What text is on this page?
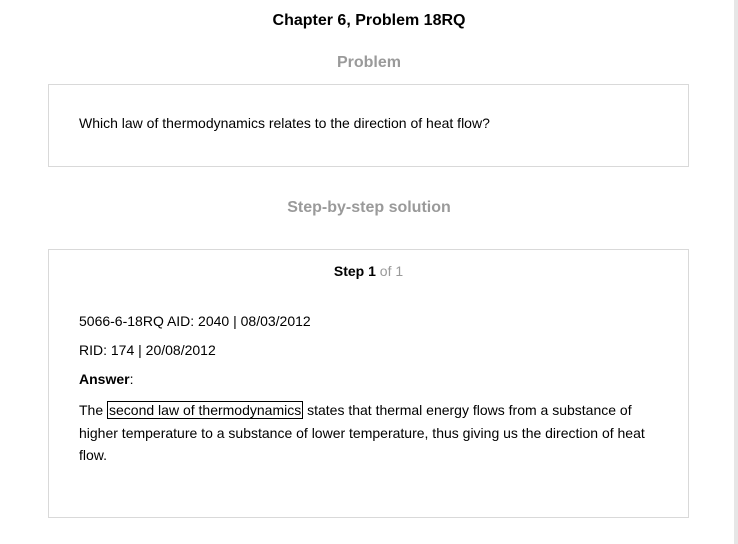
Chapter 6, Problem 18RQ
Problem
Which law of thermodynamics relates to the direction of heat flow?
Step-by-step solution
Step 1 of 1
5066-6-18RQ AID: 2040 | 08/03/2012
RID: 174 | 20/08/2012
Answer:
The second law of thermodynamics states that thermal energy flows from a substance of higher temperature to a substance of lower temperature, thus giving us the direction of heat flow.
